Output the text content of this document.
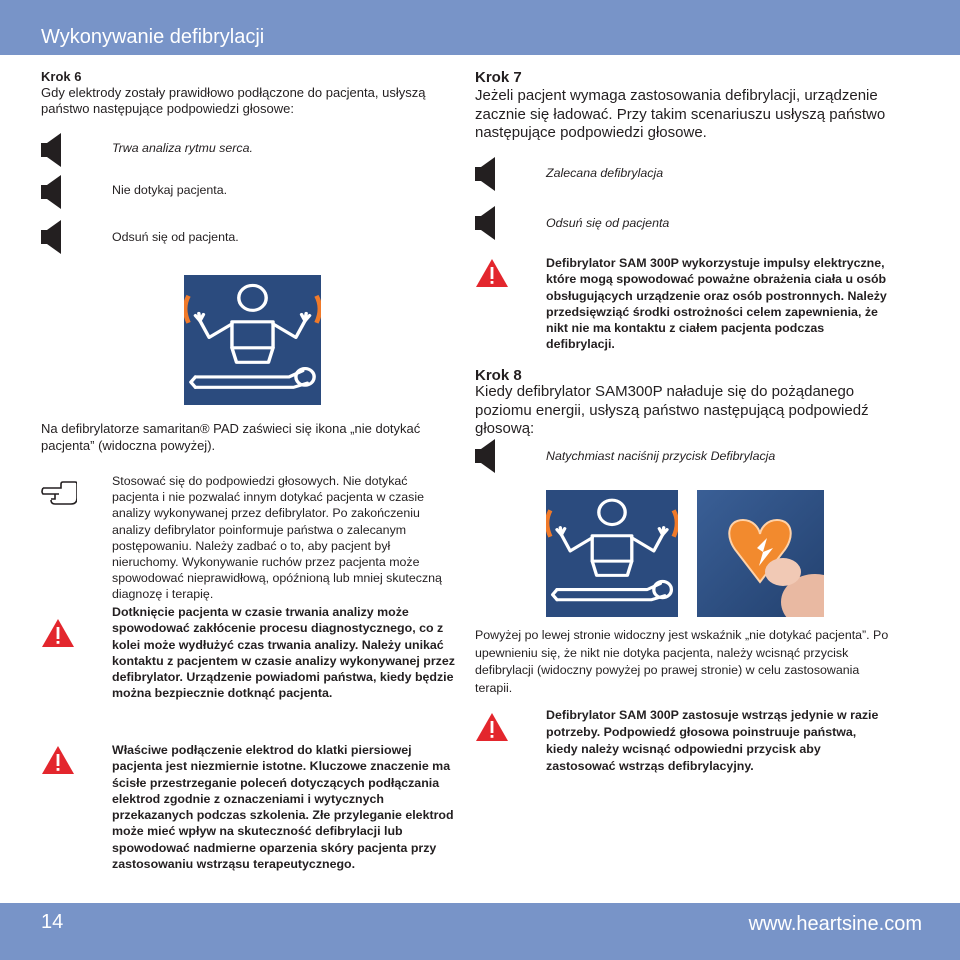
Wykonywanie defibrylacji
Krok 6
Gdy elektrody zostały prawidłowo podłączone do pacjenta, usłyszą państwo następujące podpowiedzi głosowe:
Trwa analiza rytmu serca.
Nie dotykaj pacjenta.
Odsuń się od pacjenta.
Na defibrylatorze samaritan® PAD zaświeci się ikona „nie dotykać pacjenta” (widoczna powyżej).
Stosować się do podpowiedzi głosowych. Nie dotykać pacjenta i nie pozwalać innym dotykać pacjenta w czasie analizy wykonywanej przez defibrylator. Po zakończeniu analizy defibrylator poinformuje państwa o zalecanym postępowaniu. Należy zadbać o to, aby pacjent był nieruchomy. Wykonywanie ruchów przez pacjenta może spowodować nieprawidłową, opóźnioną lub mniej skuteczną diagnozę i terapię.
Dotknięcie pacjenta w czasie trwania analizy może spowodować zakłócenie procesu diagnostycznego, co z kolei może wydłużyć czas trwania analizy. Należy unikać kontaktu z pacjentem w czasie analizy wykonywanej przez defibrylator. Urządzenie powiadomi państwa, kiedy będzie można bezpiecznie dotknąć pacjenta.
Właściwe podłączenie elektrod do klatki piersiowej pacjenta jest niezmiernie istotne. Kluczowe znaczenie ma ścisłe przestrzeganie poleceń dotyczących podłączania elektrod zgodnie z oznaczeniami i wytycznych przekazanych podczas szkolenia. Złe przyleganie elektrod może mieć wpływ na skuteczność defibrylacji lub spowodować nadmierne oparzenia skóry pacjenta przy zastosowaniu wstrząsu terapeutycznego.
Krok 7
Jeżeli pacjent wymaga zastosowania defibrylacji, urządzenie zacznie się ładować. Przy takim scenariuszu usłyszą państwo następujące podpowiedzi głosowe.
Zalecana defibrylacja
Odsuń się od pacjenta
Defibrylator SAM 300P wykorzystuje impulsy elektryczne, które mogą spowodować poważne obrażenia ciała u osób obsługujących urządzenie oraz osób postronnych. Należy przedsięwziąć środki ostrożności celem zapewnienia, że nikt nie ma kontaktu z ciałem pacjenta podczas defibrylacji.
Krok 8
Kiedy defibrylator SAM300P naładuje się do pożądanego poziomu energii, usłyszą państwo następującą podpowiedź głosową:
Natychmiast naciśnij przycisk Defibrylacja
Powyżej po lewej stronie widoczny jest wskaźnik „nie dotykać pacjenta”. Po upewnieniu się, że nikt nie dotyka pacjenta, należy wcisnąć przycisk defibrylacji (widoczny powyżej po prawej stronie) w celu zastosowania terapii.
Defibrylator SAM 300P zastosuje wstrząs jedynie w razie potrzeby. Podpowiedź głosowa poinstruuje państwa, kiedy należy wcisnąć odpowiedni przycisk aby zastosować wstrząs defibrylacyjny.
14	www.heartsine.com
